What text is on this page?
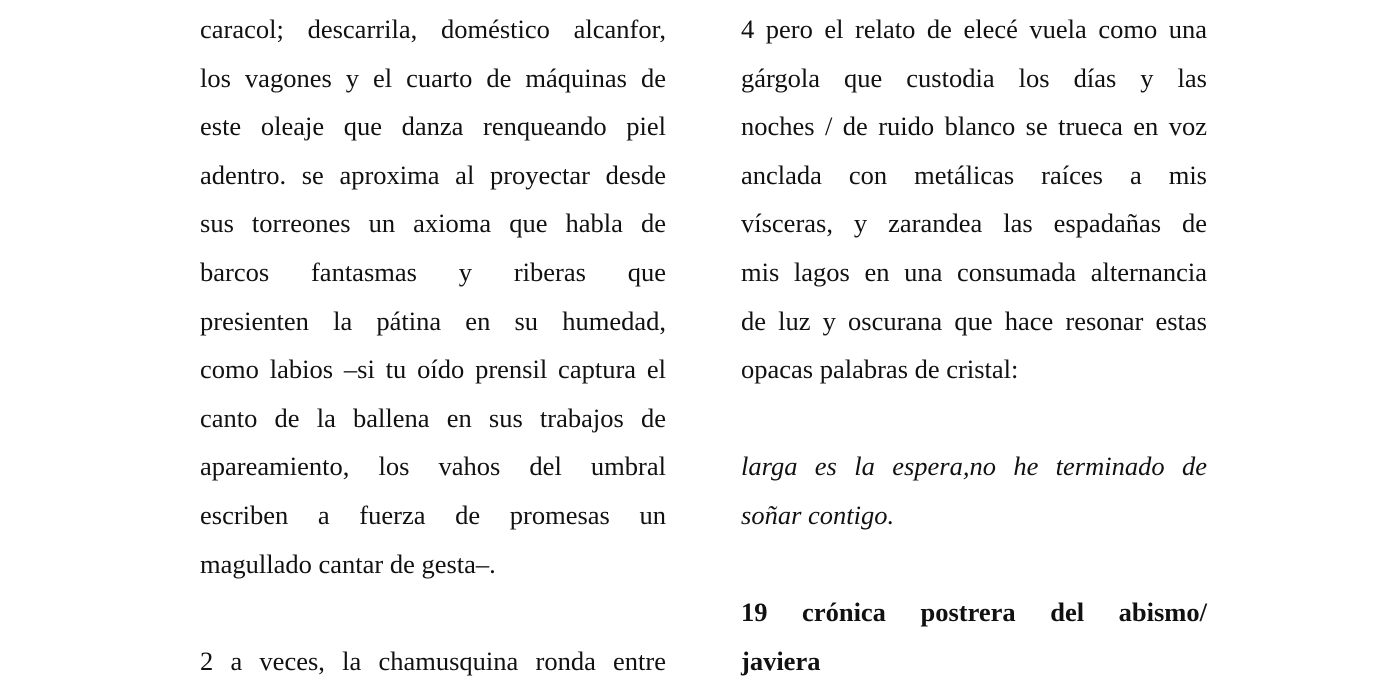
caracol; descarrila, doméstico alcanfor,
los vagones y el cuarto de máquinas de
este oleaje que danza renqueando piel
adentro. se aproxima al proyectar desde
sus torreones un axioma que habla de
barcos fantasmas y riberas que
presienten la pátina en su humedad,
como labios –si tu oído prensil captura el
canto de la ballena en sus trabajos de
apareamiento, los vahos del umbral
escriben a fuerza de promesas un
magullado cantar de gesta–.
2 a veces, la chamusquina ronda entre
4 pero el relato de elecé vuela como una
gárgola que custodia los días y las
noches / de ruido blanco se trueca en voz
anclada con metálicas raíces a mis
vísceras, y zarandea las espadañas de
mis lagos en una consumada alternancia
de luz y oscurana que hace resonar estas
opacas palabras de cristal:
larga es la espera,no he terminado de
soñar contigo.
19 crónica postrera del abismo/
javiera
